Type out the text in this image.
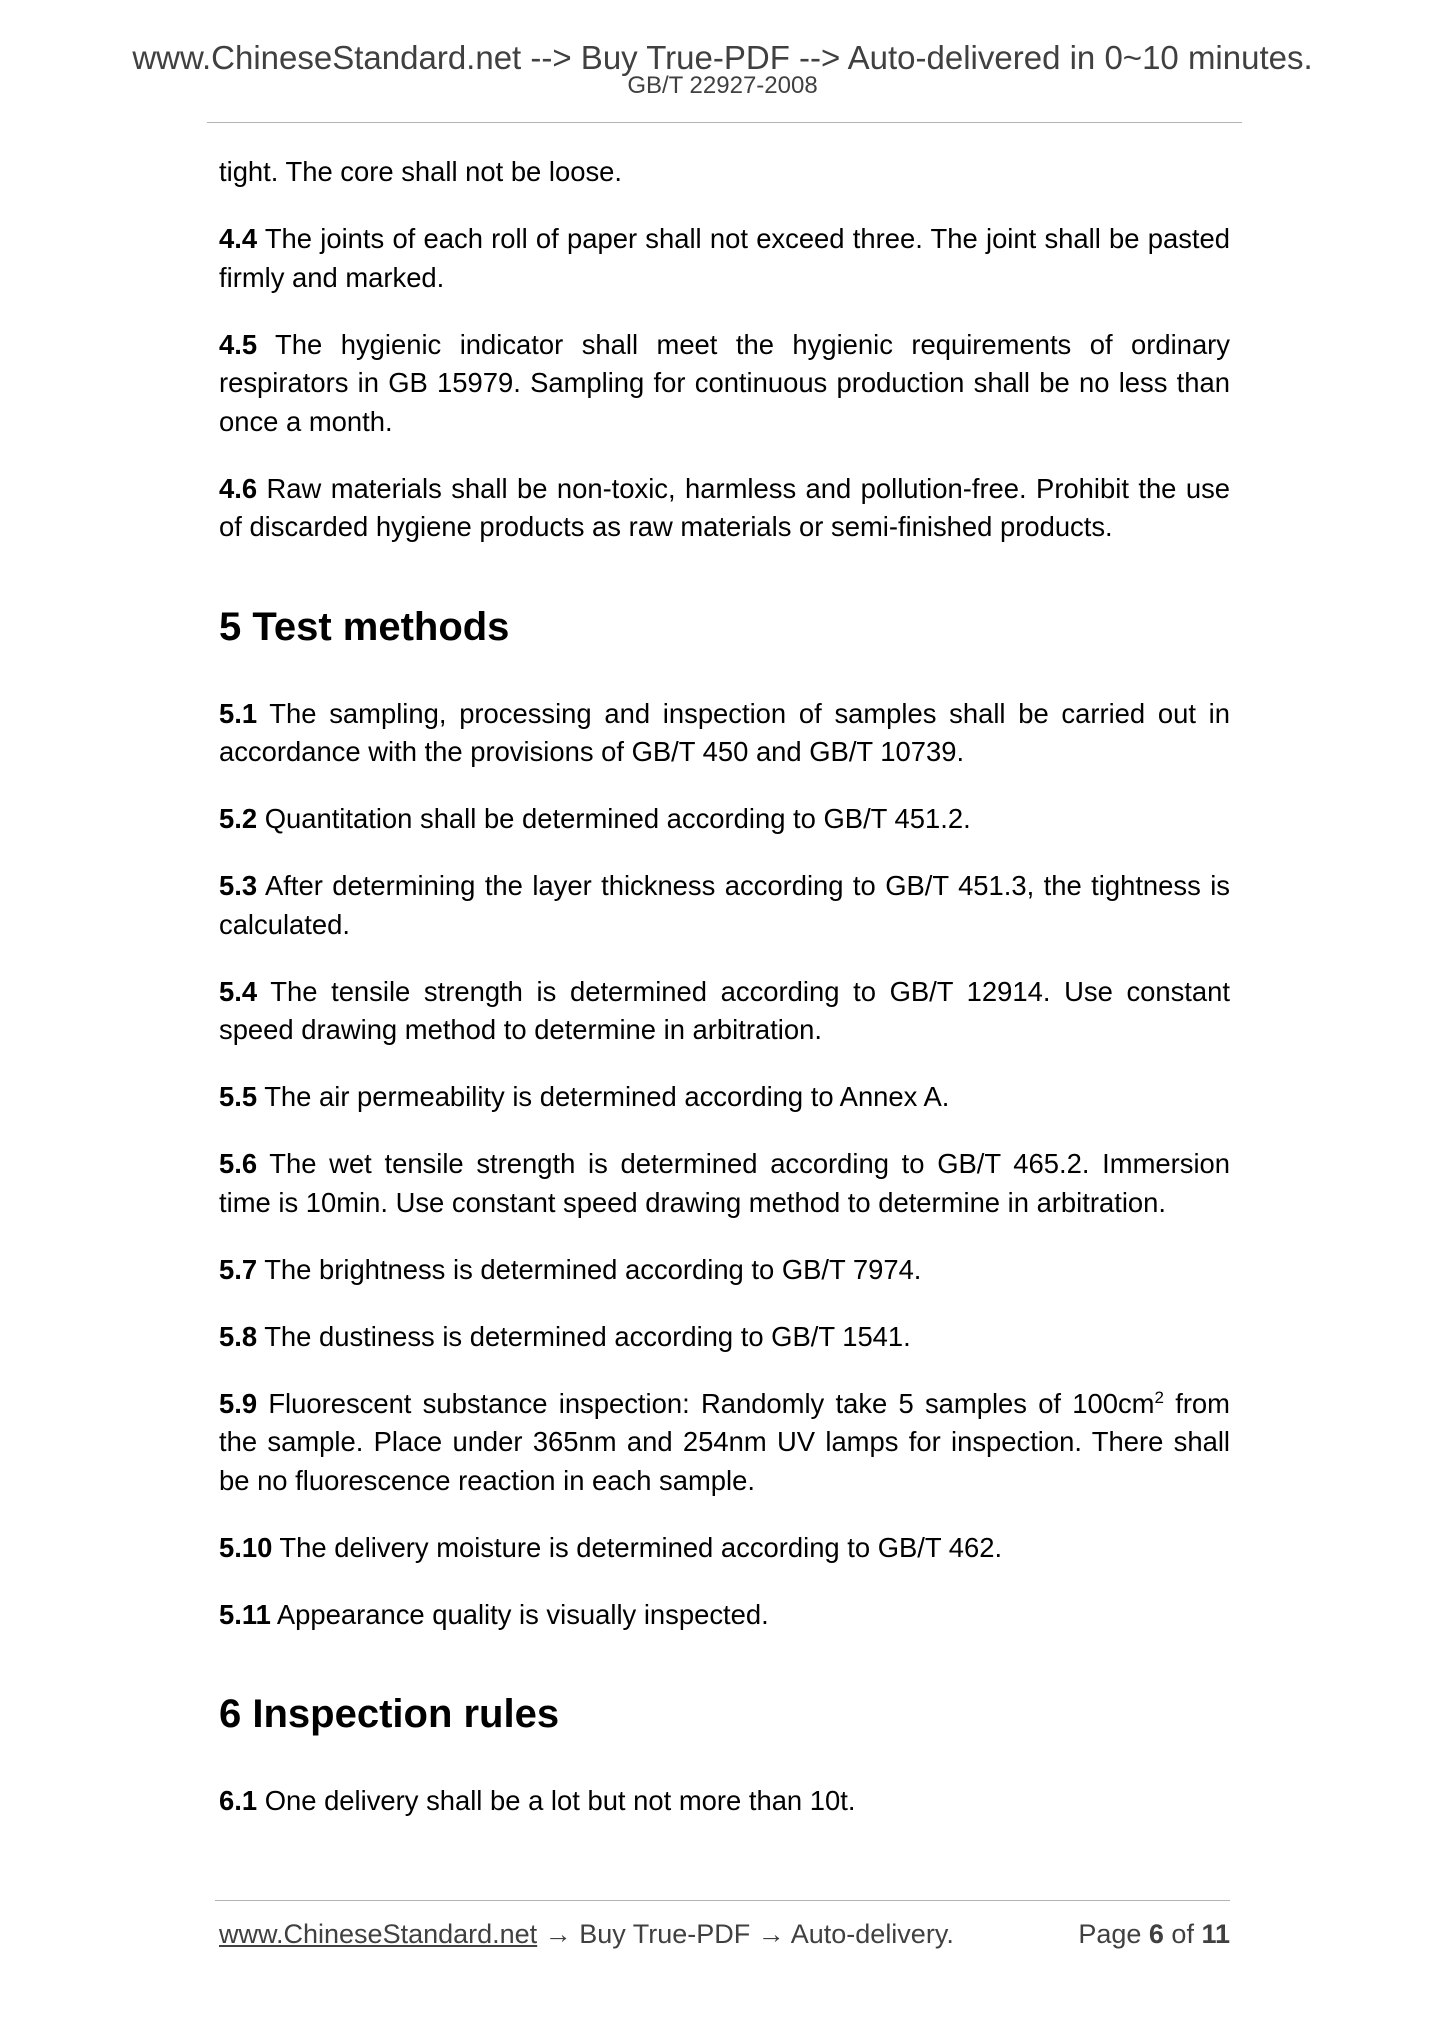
www.ChineseStandard.net --> Buy True-PDF --> Auto-delivered in 0~10 minutes.
GB/T 22927-2008

tight. The core shall not be loose.

4.4 The joints of each roll of paper shall not exceed three. The joint shall be pasted firmly and marked.

4.5 The hygienic indicator shall meet the hygienic requirements of ordinary respirators in GB 15979. Sampling for continuous production shall be no less than once a month.

4.6 Raw materials shall be non-toxic, harmless and pollution-free. Prohibit the use of discarded hygiene products as raw materials or semi-finished products.

5 Test methods

5.1 The sampling, processing and inspection of samples shall be carried out in accordance with the provisions of GB/T 450 and GB/T 10739.

5.2 Quantitation shall be determined according to GB/T 451.2.

5.3 After determining the layer thickness according to GB/T 451.3, the tightness is calculated.

5.4 The tensile strength is determined according to GB/T 12914. Use constant speed drawing method to determine in arbitration.

5.5 The air permeability is determined according to Annex A.

5.6 The wet tensile strength is determined according to GB/T 465.2. Immersion time is 10min. Use constant speed drawing method to determine in arbitration.

5.7 The brightness is determined according to GB/T 7974.

5.8 The dustiness is determined according to GB/T 1541.

5.9 Fluorescent substance inspection: Randomly take 5 samples of $100cm^2$ from the sample. Place under 365nm and 254nm UV lamps for inspection. There shall be no fluorescence reaction in each sample.

5.10 The delivery moisture is determined according to GB/T 462.

5.11 Appearance quality is visually inspected.

6 Inspection rules

6.1 One delivery shall be a lot but not more than 10t.

www.ChineseStandard.net → Buy True-PDF → Auto-delivery.	Page 6 of 11
